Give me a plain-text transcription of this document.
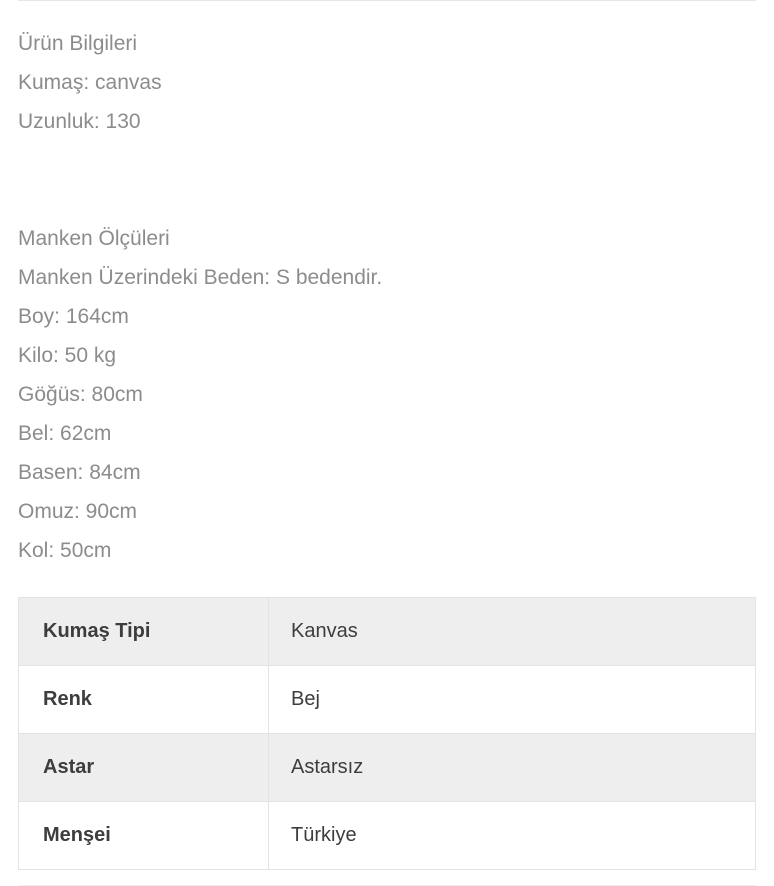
Ürün Bilgileri
Kumaş: canvas
Uzunluk: 130
Manken Ölçüleri
Manken Üzerindeki Beden: S bedendir.
Boy: 164cm
Kilo: 50 kg
Göğüs: 80cm
Bel: 62cm
Basen: 84cm
Omuz: 90cm
Kol: 50cm
Kumaş Tipi	Kanvas
Renk	Bej
Astar	Astarsız
Menşei	Türkiye
